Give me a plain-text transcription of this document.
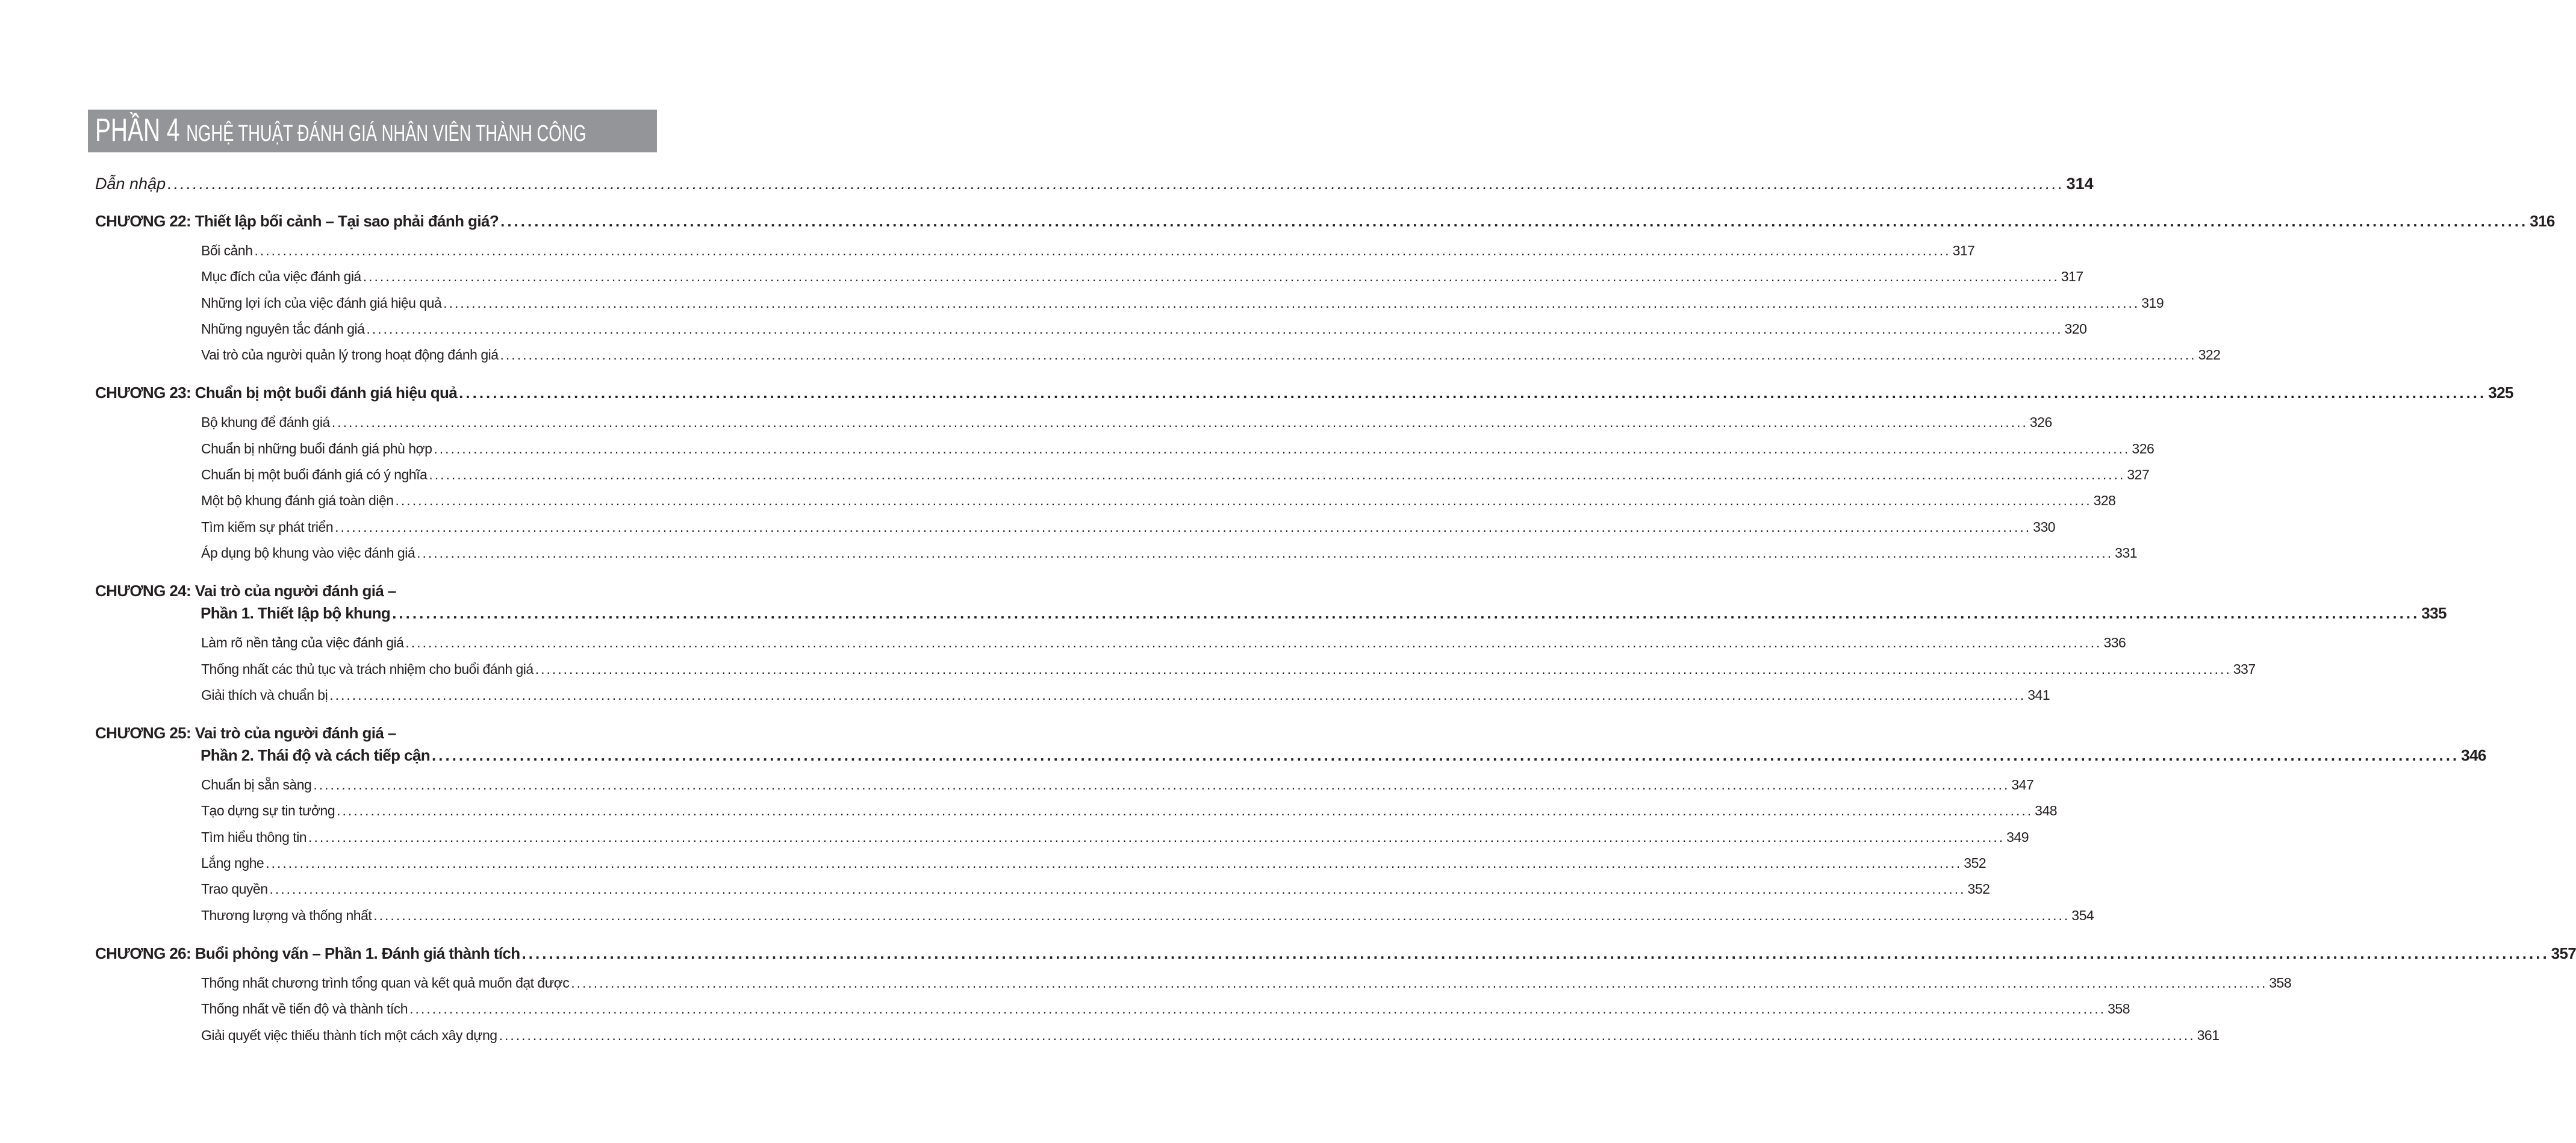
PHẦN 4 NGHỆ THUẬT ĐÁNH GIÁ NHÂN VIÊN THÀNH CÔNG
Dẫn nhập ............................................................................................................................................................................................................................................................................................................ 314
CHƯƠNG 22: Thiết lập bối cảnh – Tại sao phải đánh giá? ............................................................................................................................................................................................................................................................................................................ 316
Bối cảnh ............................................................................................................................................................................................................................................................................................................ 317
Mục đích của việc đánh giá ............................................................................................................................................................................................................................................................................................................ 317
Những lợi ích của việc đánh giá hiệu quả ............................................................................................................................................................................................................................................................................................................ 319
Những nguyên tắc đánh giá ............................................................................................................................................................................................................................................................................................................ 320
Vai trò của người quản lý trong hoạt động đánh giá ............................................................................................................................................................................................................................................................................................................ 322
CHƯƠNG 23: Chuẩn bị một buổi đánh giá hiệu quả ............................................................................................................................................................................................................................................................................................................ 325
Bộ khung để đánh giá ............................................................................................................................................................................................................................................................................................................ 326
Chuẩn bị những buổi đánh giá phù hợp ............................................................................................................................................................................................................................................................................................................ 326
Chuẩn bị một buổi đánh giá có ý nghĩa ............................................................................................................................................................................................................................................................................................................ 327
Một bộ khung đánh giá toàn diện ............................................................................................................................................................................................................................................................................................................ 328
Tìm kiếm sự phát triển ............................................................................................................................................................................................................................................................................................................ 330
Áp dụng bộ khung vào việc đánh giá ............................................................................................................................................................................................................................................................................................................ 331
CHƯƠNG 24: Vai trò của người đánh giá –
Phần 1. Thiết lập bộ khung ............................................................................................................................................................................................................................................................................................................ 335
Làm rõ nền tảng của việc đánh giá ............................................................................................................................................................................................................................................................................................................ 336
Thống nhất các thủ tục và trách nhiệm cho buổi đánh giá ............................................................................................................................................................................................................................................................................................................ 337
Giải thích và chuẩn bị ............................................................................................................................................................................................................................................................................................................ 341
CHƯƠNG 25: Vai trò của người đánh giá –
Phần 2. Thái độ và cách tiếp cận ............................................................................................................................................................................................................................................................................................................ 346
Chuẩn bị sẵn sàng ............................................................................................................................................................................................................................................................................................................ 347
Tạo dựng sự tin tưởng ............................................................................................................................................................................................................................................................................................................ 348
Tìm hiểu thông tin ............................................................................................................................................................................................................................................................................................................ 349
Lắng nghe ............................................................................................................................................................................................................................................................................................................ 352
Trao quyền ............................................................................................................................................................................................................................................................................................................ 352
Thương lượng và thống nhất ............................................................................................................................................................................................................................................................................................................ 354
CHƯƠNG 26: Buổi phỏng vấn – Phần 1. Đánh giá thành tích ............................................................................................................................................................................................................................................................................................................ 357
Thống nhất chương trình tổng quan và kết quả muốn đạt được ............................................................................................................................................................................................................................................................................................................ 358
Thống nhất về tiến độ và thành tích ............................................................................................................................................................................................................................................................................................................ 358
Giải quyết việc thiếu thành tích một cách xây dựng ............................................................................................................................................................................................................................................................................................................ 361
